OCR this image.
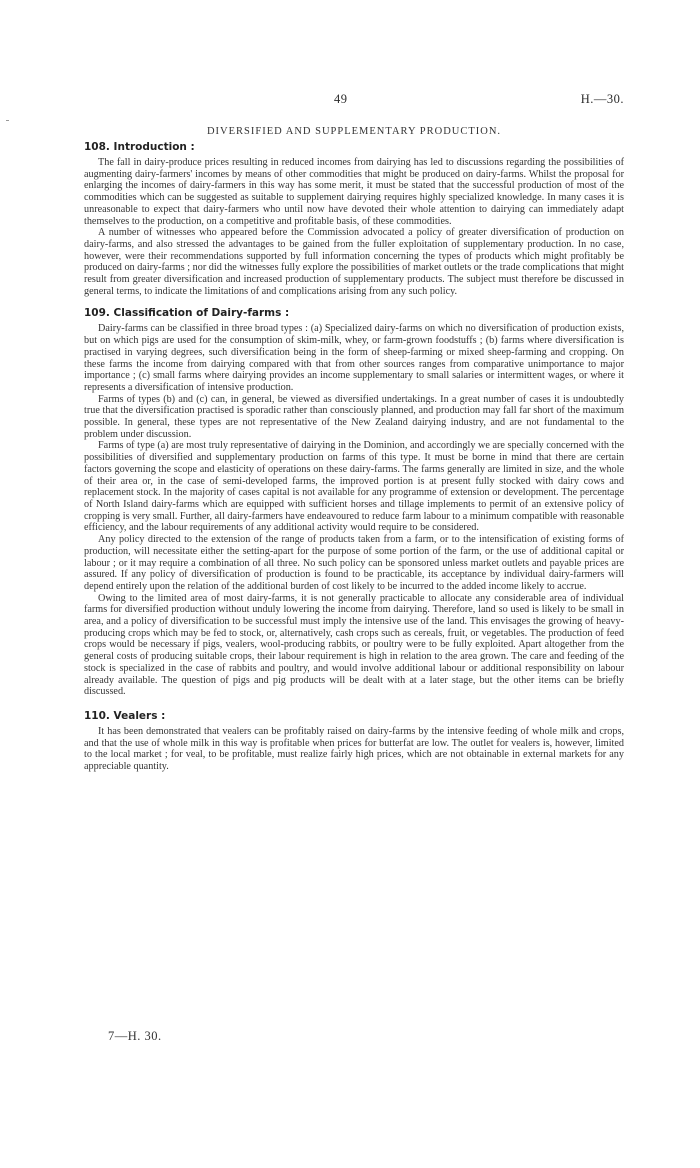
49	H.—30.
DIVERSIFIED AND SUPPLEMENTARY PRODUCTION.
108. Introduction :

The fall in dairy-produce prices resulting in reduced incomes from dairying has led to discussions regarding the possibilities of augmenting dairy-farmers' incomes by means of other commodities that might be produced on dairy-farms. Whilst the proposal for enlarging the incomes of dairy-farmers in this way has some merit, it must be stated that the successful production of most of the commodities which can be suggested as suitable to supplement dairying requires highly specialized knowledge. In many cases it is unreasonable to expect that dairy-farmers who until now have devoted their whole attention to dairying can immediately adapt themselves to the production, on a competitive and profitable basis, of these commodities.

A number of witnesses who appeared before the Commission advocated a policy of greater diversification of production on dairy-farms, and also stressed the advantages to be gained from the fuller exploitation of supplementary production. In no case, however, were their recommendations supported by full information concerning the types of products which might profitably be produced on dairy-farms ; nor did the witnesses fully explore the possibilities of market outlets or the trade complications that might result from greater diversification and increased production of supplementary products. The subject must therefore be discussed in general terms, to indicate the limitations of and complications arising from any such policy.

109. Classification of Dairy-farms :

Dairy-farms can be classified in three broad types : (a) Specialized dairy-farms on which no diversification of production exists, but on which pigs are used for the consumption of skim-milk, whey, or farm-grown foodstuffs ; (b) farms where diversification is practised in varying degrees, such diversification being in the form of sheep-farming or mixed sheep-farming and cropping. On these farms the income from dairying compared with that from other sources ranges from comparative unimportance to major importance ; (c) small farms where dairying provides an income supplementary to small salaries or intermittent wages, or where it represents a diversification of intensive production.

Farms of types (b) and (c) can, in general, be viewed as diversified undertakings. In a great number of cases it is undoubtedly true that the diversification practised is sporadic rather than consciously planned, and production may fall far short of the maximum possible. In general, these types are not representative of the New Zealand dairying industry, and are not fundamental to the problem under discussion.

Farms of type (a) are most truly representative of dairying in the Dominion, and accordingly we are specially concerned with the possibilities of diversified and supplementary production on farms of this type. It must be borne in mind that there are certain factors governing the scope and elasticity of operations on these dairy-farms. The farms generally are limited in size, and the whole of their area or, in the case of semi-developed farms, the improved portion is at present fully stocked with dairy cows and replacement stock. In the majority of cases capital is not available for any programme of extension or development. The percentage of North Island dairy-farms which are equipped with sufficient horses and tillage implements to permit of an extensive policy of cropping is very small. Further, all dairy-farmers have endeavoured to reduce farm labour to a minimum compatible with reasonable efficiency, and the labour requirements of any additional activity would require to be considered.

Any policy directed to the extension of the range of products taken from a farm, or to the intensification of existing forms of production, will necessitate either the setting-apart for the purpose of some portion of the farm, or the use of additional capital or labour ; or it may require a combination of all three. No such policy can be sponsored unless market outlets and payable prices are assured. If any policy of diversification of production is found to be practicable, its acceptance by individual dairy-farmers will depend entirely upon the relation of the additional burden of cost likely to be incurred to the added income likely to accrue.

Owing to the limited area of most dairy-farms, it is not generally practicable to allocate any considerable area of individual farms for diversified production without unduly lowering the income from dairying. Therefore, land so used is likely to be small in area, and a policy of diversification to be successful must imply the intensive use of the land. This envisages the growing of heavy-producing crops which may be fed to stock, or, alternatively, cash crops such as cereals, fruit, or vegetables. The production of feed crops would be necessary if pigs, vealers, wool-producing rabbits, or poultry were to be fully exploited. Apart altogether from the general costs of producing suitable crops, their labour requirement is high in relation to the area grown. The care and feeding of the stock is specialized in the case of rabbits and poultry, and would involve additional labour or additional responsibility on labour already available. The question of pigs and pig products will be dealt with at a later stage, but the other items can be briefly discussed.

110. Vealers :

It has been demonstrated that vealers can be profitably raised on dairy-farms by the intensive feeding of whole milk and crops, and that the use of whole milk in this way is profitable when prices for butterfat are low. The outlet for vealers is, however, limited to the local market ; for veal, to be profitable, must realize fairly high prices, which are not obtainable in external markets for any appreciable quantity.

7—H. 30.
